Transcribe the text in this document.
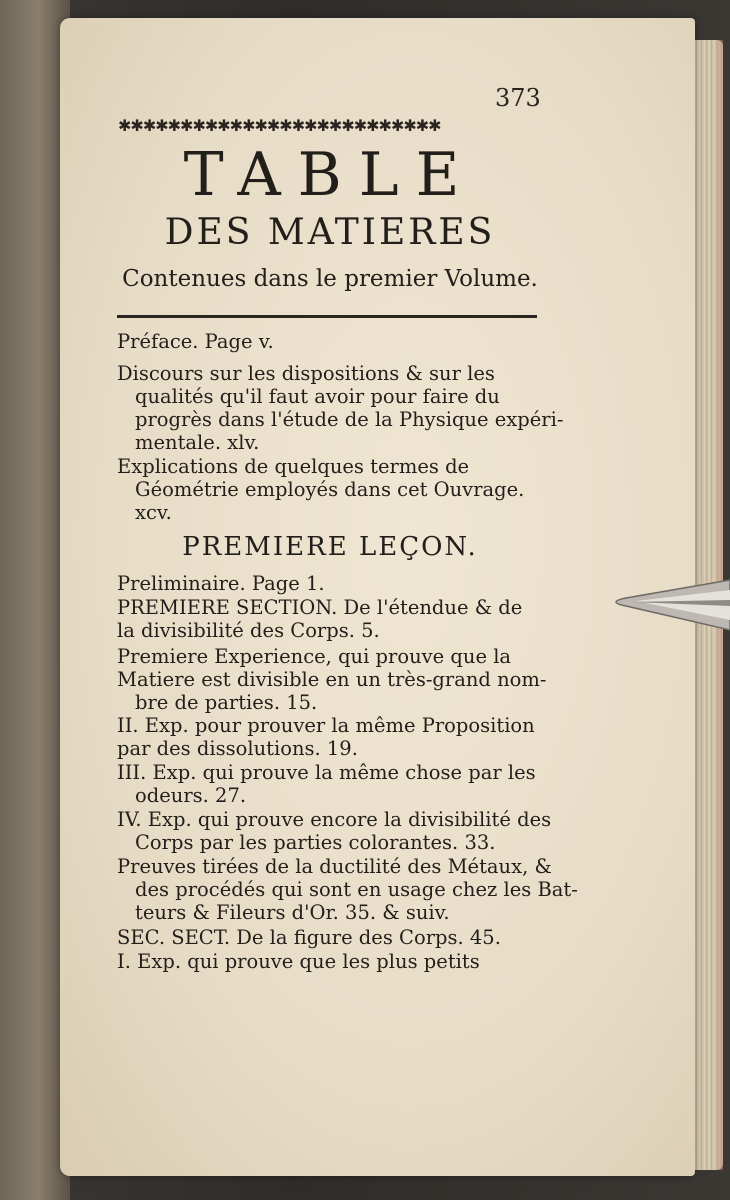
373
✱✱✱✱✱✱✱✱✱✱✱✱✱✱✱✱✱✱✱✱✱✱✱✱✱✱
TABLE
DES MATIERES
Contenues dans le premier Volume.
Préface. Page v.
Discours sur les dispositions & sur les
qualités qu'il faut avoir pour faire du
progrès dans l'étude de la Physique expéri-
mentale. xlv.
Explications de quelques termes de
Géométrie employés dans cet Ouvrage.
xcv.
PREMIERE LEÇON.
Preliminaire. Page 1.
PREMIERE SECTION. De l'étendue & de
la divisibilité des Corps. 5.
Premiere Experience, qui prouve que la
Matiere est divisible en un très-grand nom-
bre de parties. 15.
II. Exp. pour prouver la même Proposition
par des dissolutions. 19.
III. Exp. qui prouve la même chose par les
odeurs. 27.
IV. Exp. qui prouve encore la divisibilité des
Corps par les parties colorantes. 33.
Preuves tirées de la ductilité des Métaux, &
des procédés qui sont en usage chez les Bat-
teurs & Fileurs d'Or. 35. & suiv.
SEC. SECT. De la figure des Corps. 45.
I. Exp. qui prouve que les plus petits
